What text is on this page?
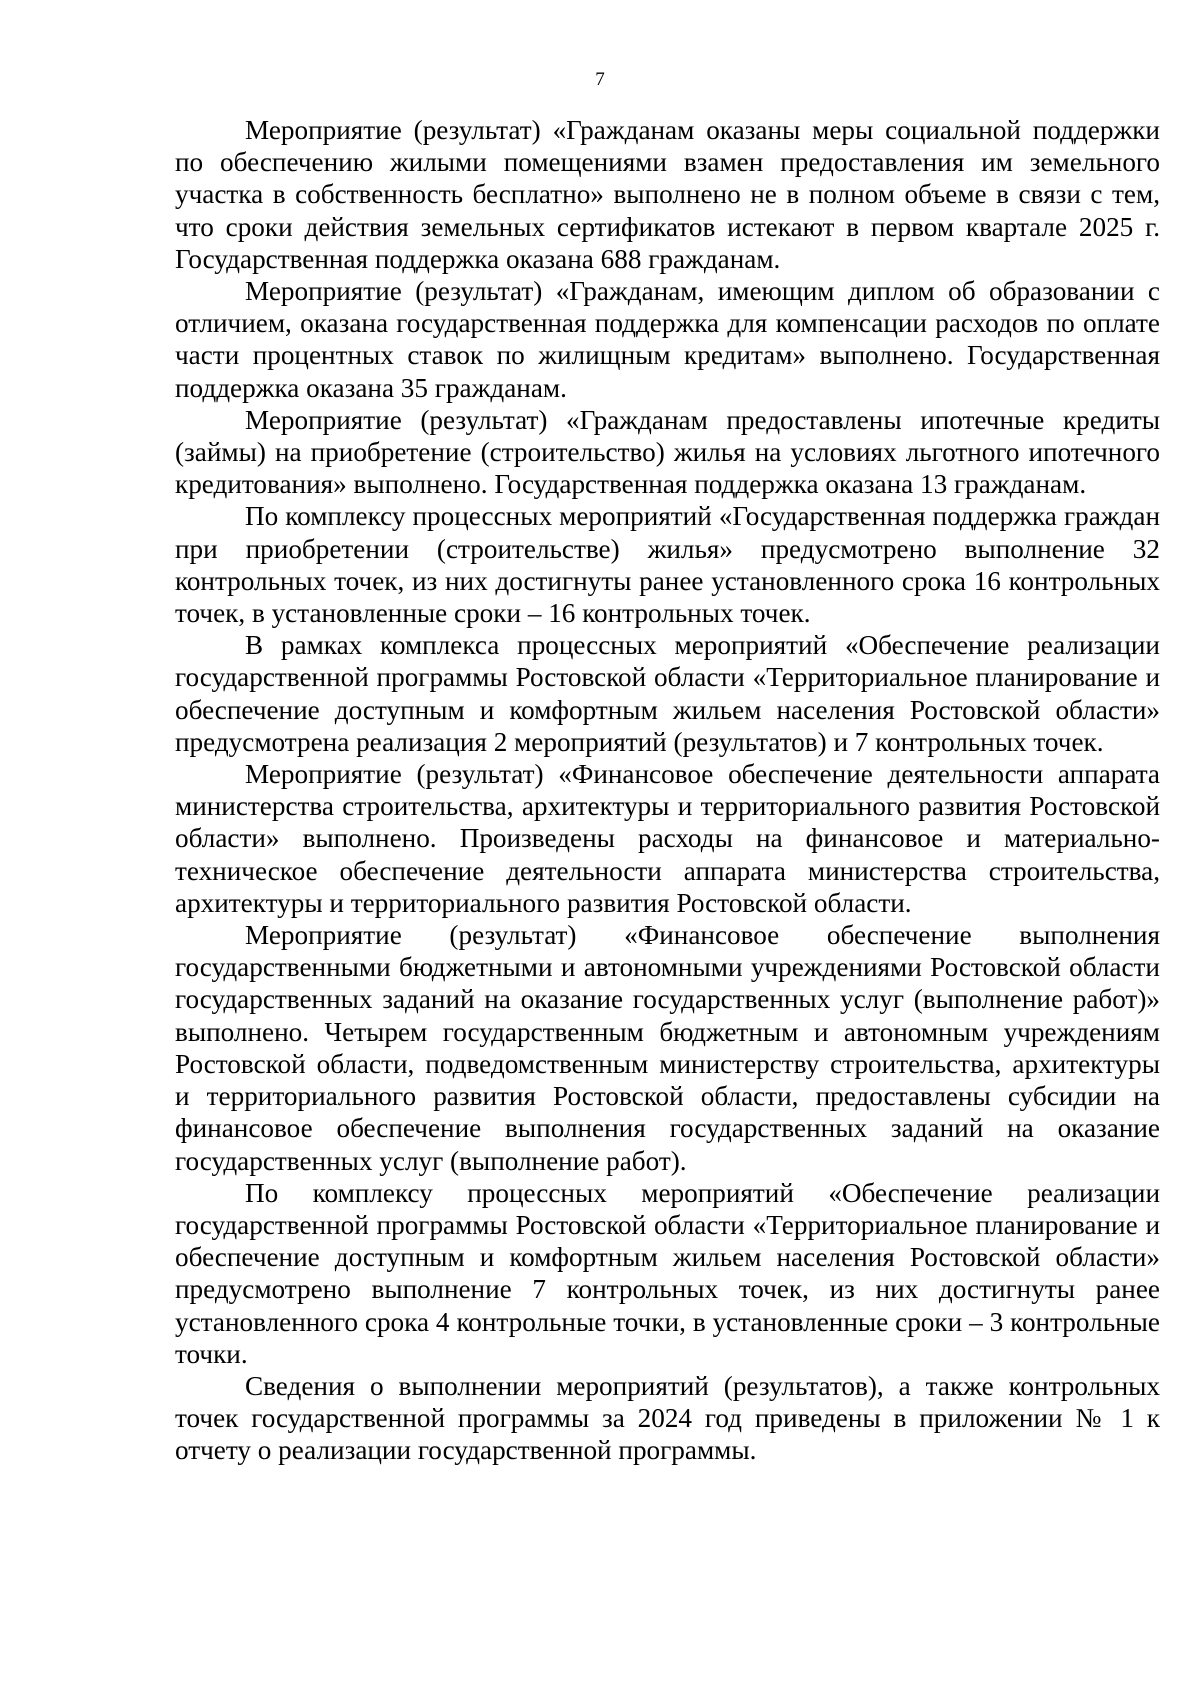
7

Мероприятие (результат) «Гражданам оказаны меры социальной поддержки по обеспечению жилыми помещениями взамен предоставления им земельного участка в собственность бесплатно» выполнено не в полном объеме в связи с тем, что сроки действия земельных сертификатов истекают в первом квартале 2025 г. Государственная поддержка оказана 688 гражданам.

Мероприятие (результат) «Гражданам, имеющим диплом об образовании с отличием, оказана государственная поддержка для компенсации расходов по оплате части процентных ставок по жилищным кредитам» выполнено. Государственная поддержка оказана 35 гражданам.

Мероприятие (результат) «Гражданам предоставлены ипотечные кредиты (займы) на приобретение (строительство) жилья на условиях льготного ипотечного кредитования» выполнено. Государственная поддержка оказана 13 гражданам.

По комплексу процессных мероприятий «Государственная поддержка граждан при приобретении (строительстве) жилья» предусмотрено выполнение 32 контрольных точек, из них достигнуты ранее установленного срока 16 контрольных точек, в установленные сроки – 16 контрольных точек.

В рамках комплекса процессных мероприятий «Обеспечение реализации государственной программы Ростовской области «Территориальное планирование и обеспечение доступным и комфортным жильем населения Ростовской области» предусмотрена реализация 2 мероприятий (результатов) и 7 контрольных точек.

Мероприятие (результат) «Финансовое обеспечение деятельности аппарата министерства строительства, архитектуры и территориального развития Ростовской области» выполнено. Произведены расходы на финансовое и материально-техническое обеспечение деятельности аппарата министерства строительства, архитектуры и территориального развития Ростовской области.

Мероприятие (результат) «Финансовое обеспечение выполнения государственными бюджетными и автономными учреждениями Ростовской области государственных заданий на оказание государственных услуг (выполнение работ)» выполнено. Четырем государственным бюджетным и автономным учреждениям Ростовской области, подведомственным министерству строительства, архитектуры и территориального развития Ростовской области, предоставлены субсидии на финансовое обеспечение выполнения государственных заданий на оказание государственных услуг (выполнение работ).

По комплексу процессных мероприятий «Обеспечение реализации государственной программы Ростовской области «Территориальное планирование и обеспечение доступным и комфортным жильем населения Ростовской области» предусмотрено выполнение 7 контрольных точек, из них достигнуты ранее установленного срока 4 контрольные точки, в установленные сроки – 3 контрольные точки.

Сведения о выполнении мероприятий (результатов), а также контрольных точек государственной программы за 2024 год приведены в приложении № 1 к отчету о реализации государственной программы.
